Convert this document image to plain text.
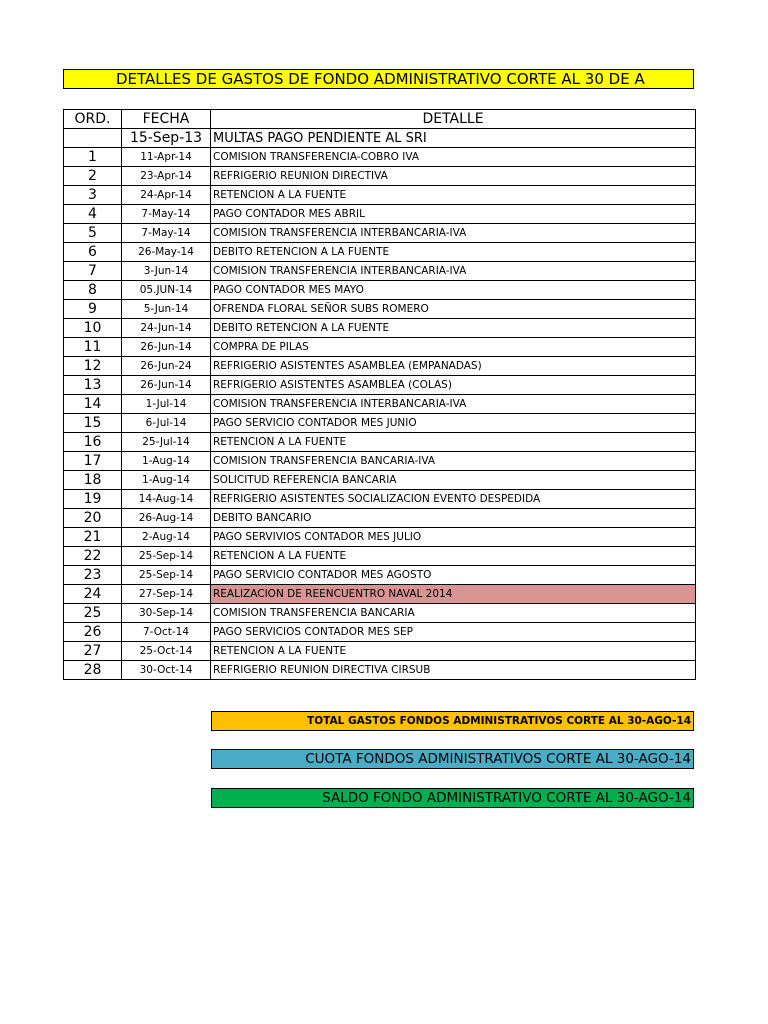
DETALLES DE GASTOS DE FONDO ADMINISTRATIVO CORTE AL 30 DE A
ORD.	FECHA	DETALLE
	15-Sep-13	MULTAS PAGO PENDIENTE AL SRI
1	11-Apr-14	COMISION TRANSFERENCIA-COBRO IVA
2	23-Apr-14	REFRIGERIO REUNION DIRECTIVA
3	24-Apr-14	RETENCION A LA FUENTE
4	7-May-14	PAGO CONTADOR MES ABRIL
5	7-May-14	COMISION TRANSFERENCIA INTERBANCARIA-IVA
6	26-May-14	DEBITO RETENCION A LA FUENTE
7	3-Jun-14	COMISION TRANSFERENCIA INTERBANCARIA-IVA
8	05.JUN-14	PAGO CONTADOR MES MAYO
9	5-Jun-14	OFRENDA FLORAL SEÑOR SUBS ROMERO
10	24-Jun-14	DEBITO RETENCION A LA FUENTE
11	26-Jun-14	COMPRA DE PILAS
12	26-Jun-24	REFRIGERIO ASISTENTES ASAMBLEA (EMPANADAS)
13	26-Jun-14	REFRIGERIO ASISTENTES ASAMBLEA (COLAS)
14	1-Jul-14	COMISION TRANSFERENCIA INTERBANCARIA-IVA
15	6-Jul-14	PAGO SERVICIO CONTADOR MES JUNIO
16	25-Jul-14	RETENCION A LA FUENTE
17	1-Aug-14	COMISION TRANSFERENCIA BANCARIA-IVA
18	1-Aug-14	SOLICITUD REFERENCIA BANCARIA
19	14-Aug-14	REFRIGERIO ASISTENTES SOCIALIZACION EVENTO DESPEDIDA
20	26-Aug-14	DEBITO BANCARIO
21	2-Aug-14	PAGO SERVIVIOS CONTADOR MES JULIO
22	25-Sep-14	RETENCION A LA FUENTE
23	25-Sep-14	PAGO SERVICIO CONTADOR MES AGOSTO
24	27-Sep-14	REALIZACION DE REENCUENTRO NAVAL 2014
25	30-Sep-14	COMISION TRANSFERENCIA BANCARIA
26	7-Oct-14	PAGO SERVICIOS CONTADOR MES SEP
27	25-Oct-14	RETENCION A LA FUENTE
28	30-Oct-14	REFRIGERIO REUNION DIRECTIVA CIRSUB
TOTAL GASTOS FONDOS ADMINISTRATIVOS CORTE AL 30-AGO-14
CUOTA FONDOS ADMINISTRATIVOS CORTE AL 30-AGO-14
SALDO FONDO ADMINISTRATIVO CORTE AL 30-AGO-14
